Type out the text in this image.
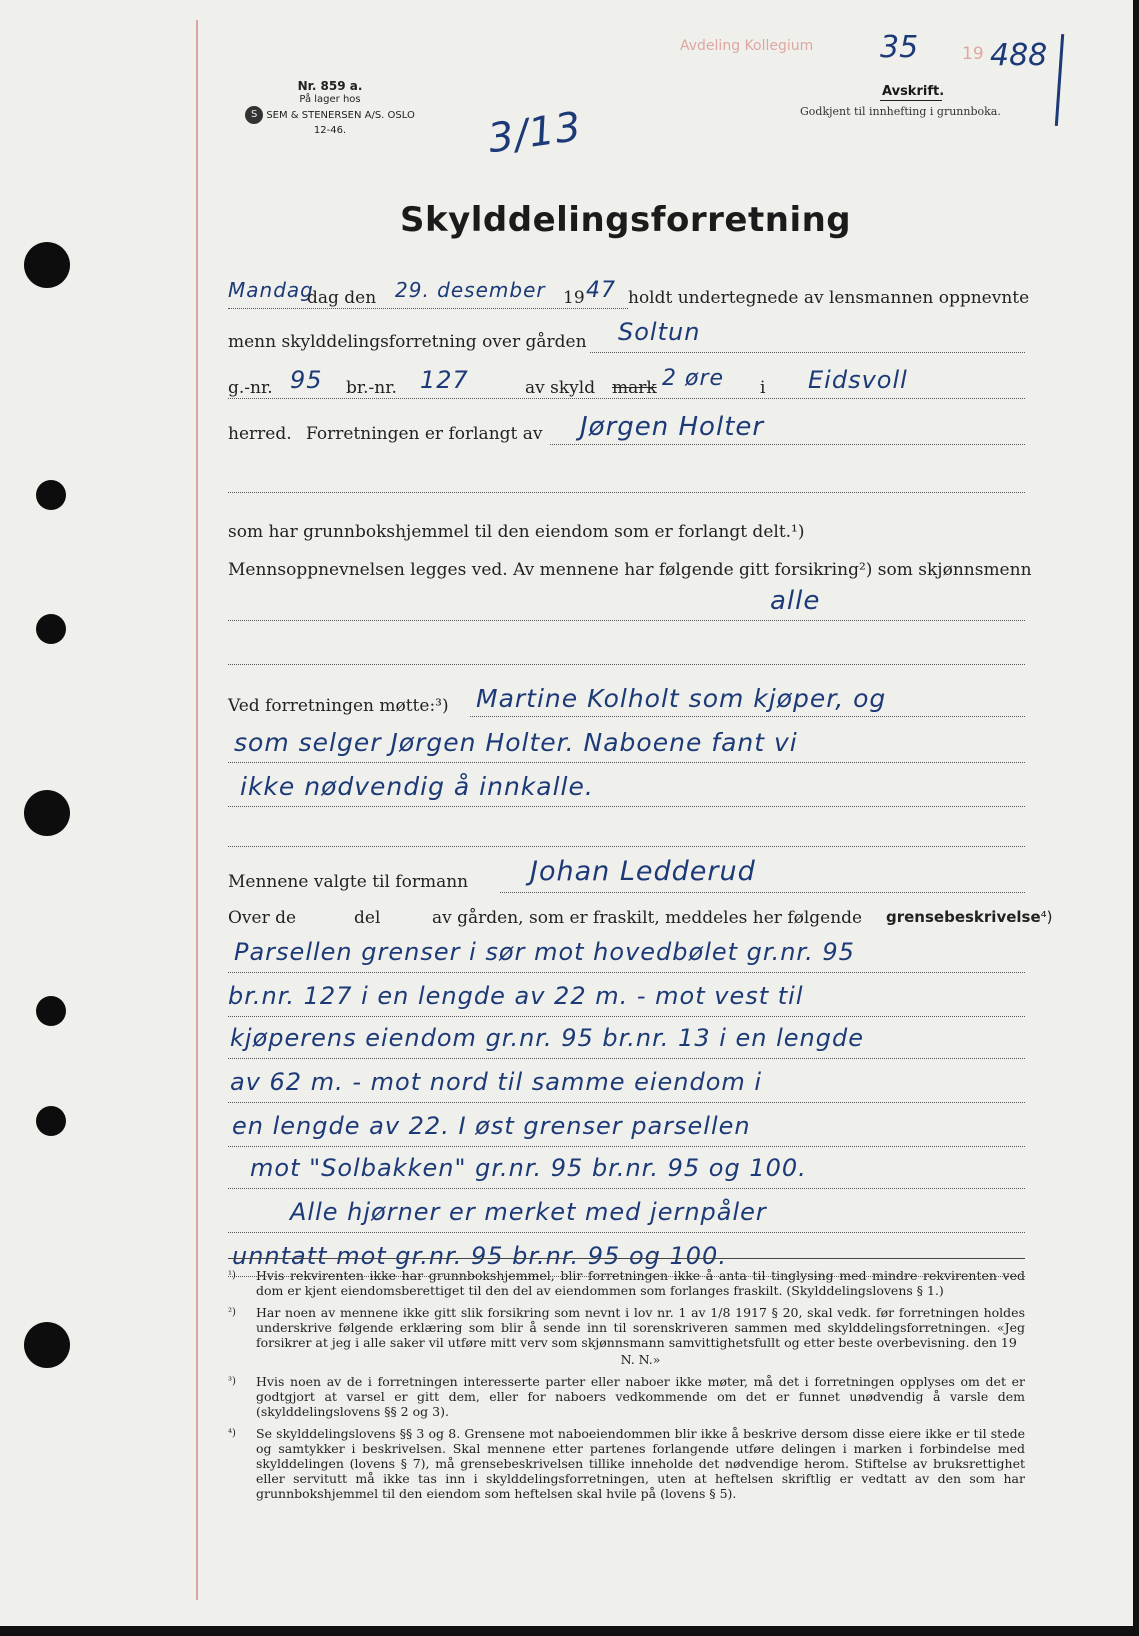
Nr. 859 a.
På lager hos
S SEM & STENERSEN A/S. OSLO
12-46.
Avdeling Kollegium	19
35 488
Avskrift.
Godkjent til innhefting i grunnboka.
3/13
Skylddelingsforretning
Mandag
dag den 29. desember 19 47 holdt undertegnede av lensmannen oppnevnte
menn skylddelingsforretning over gården Soltun
g.-nr. 95 br.-nr. 127	av skyld mark 2 øre i Eidsvoll
herred. Forretningen er forlangt av Jørgen Holter
som har grunnbokshjemmel til den eiendom som er forlangt delt.¹)
Mennsoppnevnelsen legges ved. Av mennene har følgende gitt forsikring²) som skjønnsmenn
alle
Ved forretningen møtte:³) Martine Kolholt som kjøper, og
som selger Jørgen Holter. Naboene fant vi
ikke nødvendig å innkalle.
Mennene valgte til formann Johan Ledderud
Over de	del	av gården, som er fraskilt, meddeles her følgende grensebeskrivelse⁴)
Parsellen grenser i sør mot hovedbølet gr.nr. 95
br.nr. 127 i en lengde av 22 m. - mot vest til
kjøperens eiendom gr.nr. 95 br.nr. 13 i en lengde
av 62 m. - mot nord til samme eiendom i
en lengde av 22. I øst grenser parsellen
mot "Solbakken" gr.nr. 95 br.nr. 95 og 100.
Alle hjørner er merket med jernpåler
unntatt mot gr.nr. 95 br.nr. 95 og 100.
¹)	Hvis rekvirenten ikke har grunnbokshjemmel, blir forretningen ikke å anta til tinglysing med mindre rekvirenten ved dom er kjent eiendomsberettiget til den del av eiendommen som forlanges fraskilt. (Skylddelingslovens § 1.)
²)	Har noen av mennene ikke gitt slik forsikring som nevnt i lov nr. 1 av 1/8 1917 § 20, skal vedk. før forretningen holdes underskrive følgende erklæring som blir å sende inn til sorenskriveren sammen med skylddelingsforretningen. «Jeg forsikrer at jeg i alle saker vil utføre mitt verv som skjønnsmann samvittighetsfullt og etter beste overbevisning. den 19
N. N.»
³)	Hvis noen av de i forretningen interesserte parter eller naboer ikke møter, må det i forretningen opplyses om det er godtgjort at varsel er gitt dem, eller for naboers vedkommende om det er funnet unødvendig å varsle dem (skylddelingslovens §§ 2 og 3).
⁴)	Se skylddelingslovens §§ 3 og 8. Grensene mot naboeiendommen blir ikke å beskrive dersom disse eiere ikke er til stede og samtykker i beskrivelsen. Skal mennene etter partenes forlangende utføre delingen i marken i forbindelse med skylddelingen (lovens § 7), må grensebeskrivelsen tillike inneholde det nødvendige herom. Stiftelse av bruksrettighet eller servitutt må ikke tas inn i skylddelingsforretningen, uten at heftelsen skriftlig er vedtatt av den som har grunnbokshjemmel til den eiendom som heftelsen skal hvile på (lovens § 5).
